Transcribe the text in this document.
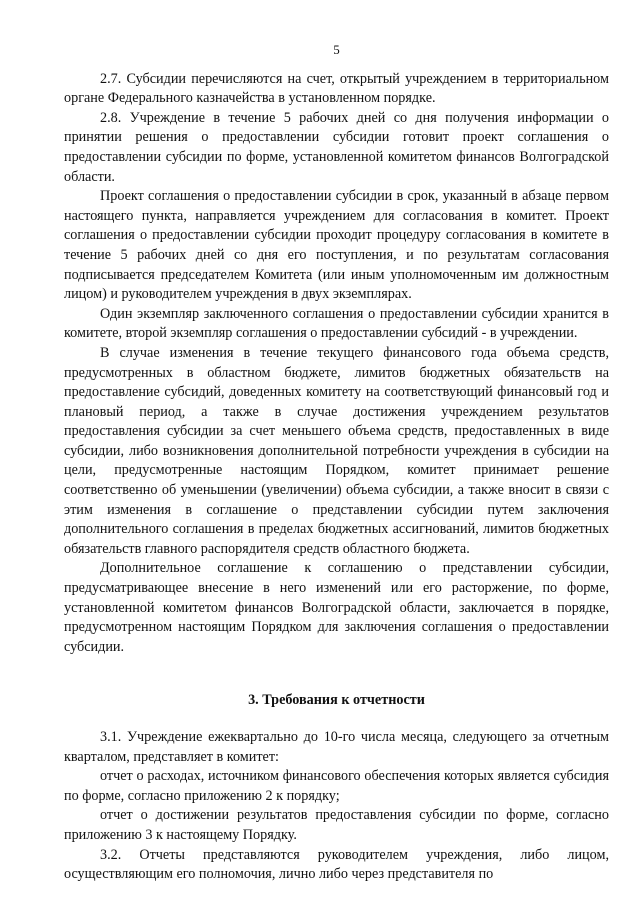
5

2.7. Субсидии перечисляются на счет, открытый учреждением в территориальном органе Федерального казначейства в установленном порядке.

2.8. Учреждение в течение 5 рабочих дней со дня получения информации о принятии решения о предоставлении субсидии готовит проект соглашения о предоставлении субсидии по форме, установленной комитетом финансов Волгоградской области.

Проект соглашения о предоставлении субсидии в срок, указанный в абзаце первом настоящего пункта, направляется учреждением для согласования в комитет. Проект соглашения о предоставлении субсидии проходит процедуру согласования в комитете в течение 5 рабочих дней со дня его поступления, и по результатам согласования подписывается председателем Комитета (или иным уполномоченным им должностным лицом) и руководителем учреждения в двух экземплярах.

Один экземпляр заключенного соглашения о предоставлении субсидии хранится в комитете, второй экземпляр соглашения о предоставлении субсидий - в учреждении.

В случае изменения в течение текущего финансового года объема средств, предусмотренных в областном бюджете, лимитов бюджетных обязательств на предоставление субсидий, доведенных комитету на соответствующий финансовый год и плановый период, а также в случае достижения учреждением результатов предоставления субсидии за счет меньшего объема средств, предоставленных в виде субсидии, либо возникновения дополнительной потребности учреждения в субсидии на цели, предусмотренные настоящим Порядком, комитет принимает решение соответственно об уменьшении (увеличении) объема субсидии, а также вносит в связи с этим изменения в соглашение о представлении субсидии путем заключения дополнительного соглашения в пределах бюджетных ассигнований, лимитов бюджетных обязательств главного распорядителя средств областного бюджета.

Дополнительное соглашение к соглашению о представлении субсидии, предусматривающее внесение в него изменений или его расторжение, по форме, установленной комитетом финансов Волгоградской области, заключается в порядке, предусмотренном настоящим Порядком для заключения соглашения о предоставлении субсидии.

3. Требования к отчетности

3.1. Учреждение ежеквартально до 10-го числа месяца, следующего за отчетным кварталом, представляет в комитет:

отчет о расходах, источником финансового обеспечения которых является субсидия по форме, согласно приложению 2 к порядку;

отчет о достижении результатов предоставления субсидии по форме, согласно приложению 3 к настоящему Порядку.

3.2. Отчеты представляются руководителем учреждения, либо лицом, осуществляющим его полномочия, лично либо через представителя по
